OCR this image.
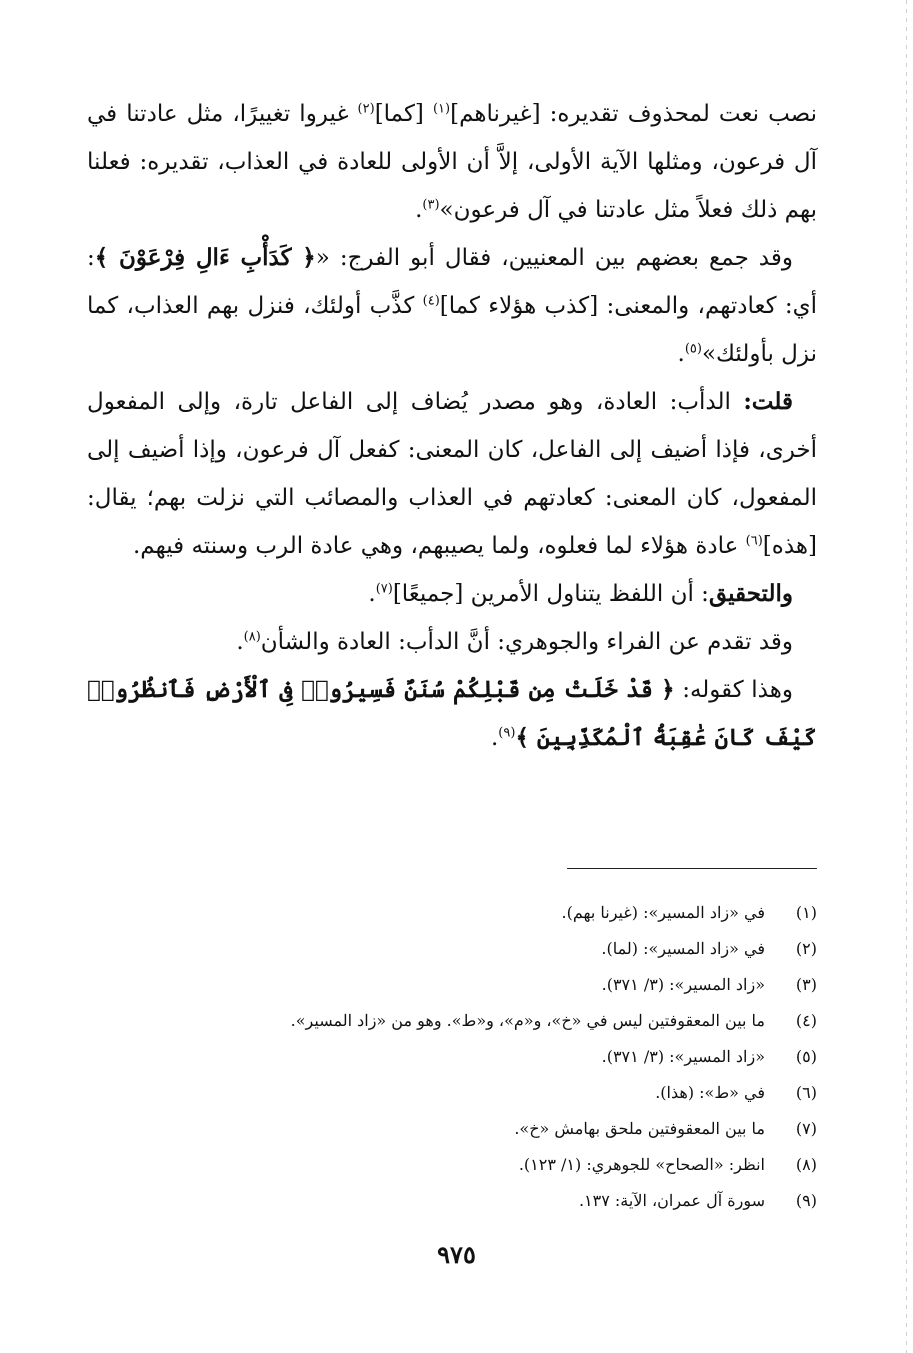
نصب نعت لمحذوف تقديره: [غيرناهم]$^{(١)}$ [كما]$^{(٢)}$ غيروا تغييرًا، مثل عادتنا في آل فرعون، ومثلها الآية الأولى، إلاَّ أن الأولى للعادة في العذاب، تقديره: فعلنا بهم ذلك فعلاً مثل عادتنا في آل فرعون»$^{(٣)}$.

وقد جمع بعضهم بين المعنيين، فقال أبو الفرج: «﴿ كَدَأْبِ ءَالِ فِرْعَوْنَ ﴾: أي: كعادتهم، والمعنى: [كذب هؤلاء كما]$^{(٤)}$ كذَّب أولئك، فنزل بهم العذاب، كما نزل بأولئك»$^{(٥)}$.

قلت: الدأب: العادة، وهو مصدر يُضاف إلى الفاعل تارة، وإلى المفعول أخرى، فإذا أضيف إلى الفاعل، كان المعنى: كفعل آل فرعون، وإذا أضيف إلى المفعول، كان المعنى: كعادتهم في العذاب والمصائب التي نزلت بهم؛ يقال: [هذه]$^{(٦)}$ عادة هؤلاء لما فعلوه، ولما يصيبهم، وهي عادة الرب وسنته فيهم.

والتحقيق: أن اللفظ يتناول الأمرين [جميعًا]$^{(٧)}$.

وقد تقدم عن الفراء والجوهري: أنَّ الدأب: العادة والشأن$^{(٨)}$.

وهذا كقوله: ﴿ قَدْ خَلَتْ مِن قَبْلِكُمْ سُنَنٌ فَسِيرُوا۟ فِى ٱلْأَرْضِ فَٱنظُرُوا۟ كَيْفَ كَانَ عَٰقِبَةُ ٱلْمُكَذِّبِينَ ﴾$^{(٩)}$.

(١)في «زاد المسير»: (غيرنا بهم).
(٢)في «زاد المسير»: (لما).
(٣)«زاد المسير»: (٣/ ٣٧١).
(٤)ما بين المعقوفتين ليس في «خ»، و«م»، و«ط». وهو من «زاد المسير».
(٥)«زاد المسير»: (٣/ ٣٧١).
(٦)في «ط»: (هذا).
(٧)ما بين المعقوفتين ملحق بهامش «خ».
(٨)انظر: «الصحاح» للجوهري: (١/ ١٢٣).
(٩)سورة آل عمران، الآية: ١٣٧.
٩٧٥
